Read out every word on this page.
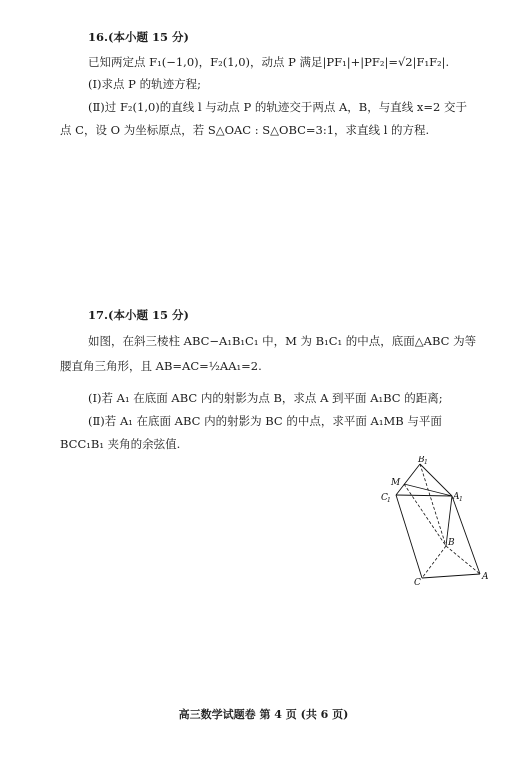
16.(本小题 15 分)
已知两定点 F₁(−1,0)，F₂(1,0)，动点 P 满足|PF₁|+|PF₂|=√2|F₁F₂|.
(Ⅰ)求点 P 的轨迹方程;
(Ⅱ)过 F₂(1,0)的直线 l 与动点 P 的轨迹交于两点 A，B，与直线 x=2 交于
点 C，设 O 为坐标原点，若 S△OAC : S△OBC=3:1，求直线 l 的方程.
17.(本小题 15 分)
如图，在斜三棱柱 ABC−A₁B₁C₁ 中，M 为 B₁C₁ 的中点，底面△ABC 为等
腰直角三角形，且 AB=AC=½AA₁=2.
(Ⅰ)若 A₁ 在底面 ABC 内的射影为点 B，求点 A 到平面 A₁BC 的距离;
(Ⅱ)若 A₁ 在底面 ABC 内的射影为 BC 的中点，求平面 A₁MB 与平面
BCC₁B₁ 夹角的余弦值.
B 1
M
C 1	A 1
B
C
A
高三数学试题卷 第 4 页 (共 6 页)
